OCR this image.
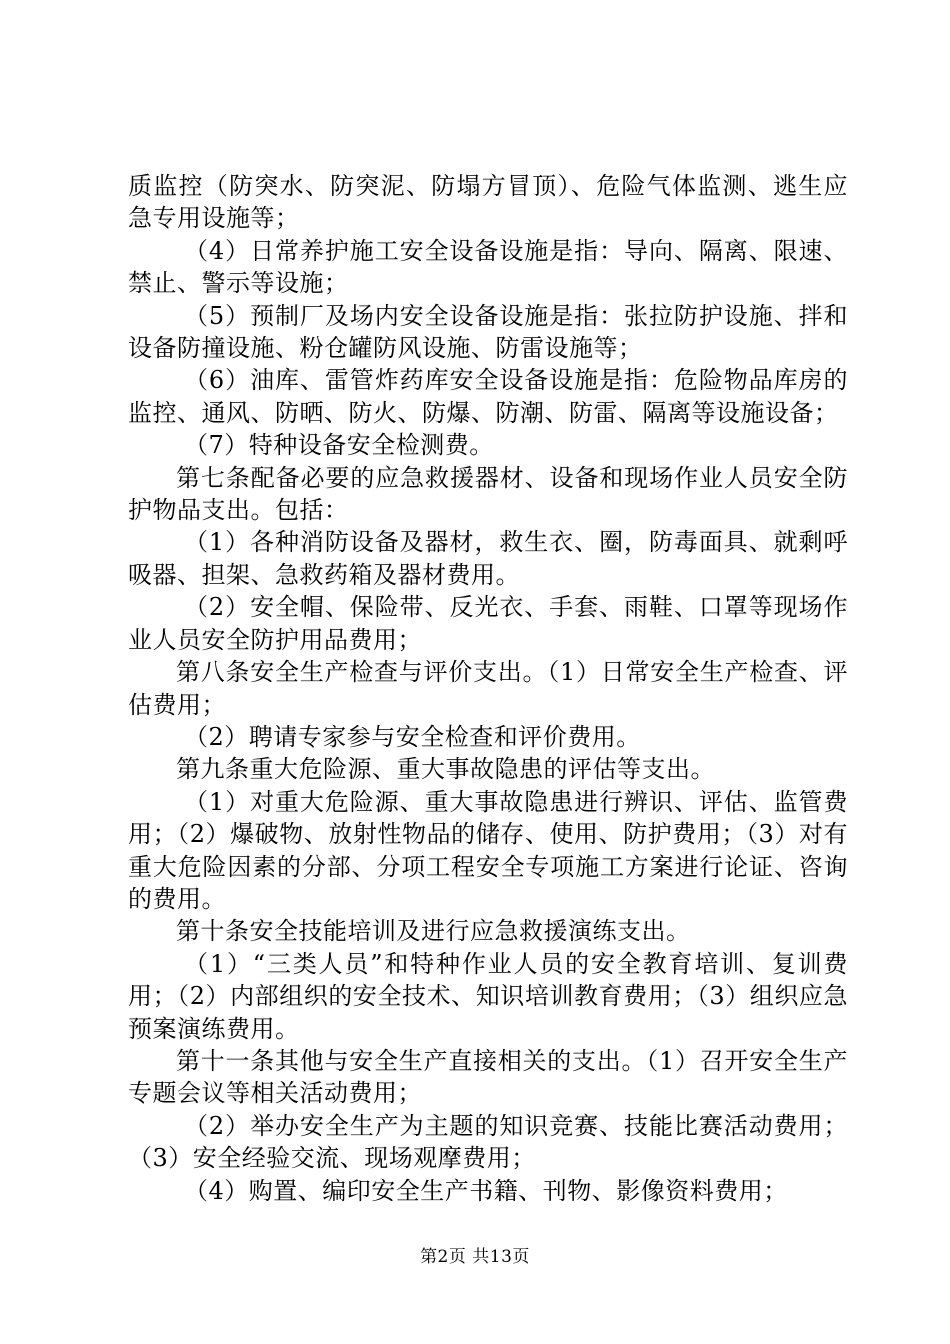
质监控（防突水、防突泥、防塌方冒顶）、危险气体监测、逃生应急专用设施等；

（4）日常养护施工安全设备设施是指：导向、隔离、限速、禁止、警示等设施；

（5）预制厂及场内安全设备设施是指：张拉防护设施、拌和设备防撞设施、粉仓罐防风设施、防雷设施等；

（6）油库、雷管炸药库安全设备设施是指：危险物品库房的监控、通风、防晒、防火、防爆、防潮、防雷、隔离等设施设备；

（7）特种设备安全检测费。

第七条配备必要的应急救援器材、设备和现场作业人员安全防护物品支出。包括：

（1）各种消防设备及器材，救生衣、圈，防毒面具、就剩呼吸器、担架、急救药箱及器材费用。

（2）安全帽、保险带、反光衣、手套、雨鞋、口罩等现场作业人员安全防护用品费用；

第八条安全生产检查与评价支出。（1）日常安全生产检查、评估费用；

（2）聘请专家参与安全检查和评价费用。

第九条重大危险源、重大事故隐患的评估等支出。

（1）对重大危险源、重大事故隐患进行辨识、评估、监管费用；（2）爆破物、放射性物品的储存、使用、防护费用；（3）对有重大危险因素的分部、分项工程安全专项施工方案进行论证、咨询的费用。

第十条安全技能培训及进行应急救援演练支出。

（1）“三类人员”和特种作业人员的安全教育培训、复训费用；（2）内部组织的安全技术、知识培训教育费用；（3）组织应急预案演练费用。

第十一条其他与安全生产直接相关的支出。（1）召开安全生产专题会议等相关活动费用；

（2）举办安全生产为主题的知识竞赛、技能比赛活动费用；（3）安全经验交流、现场观摩费用；

（4）购置、编印安全生产书籍、刊物、影像资料费用；

第2页 共13页
